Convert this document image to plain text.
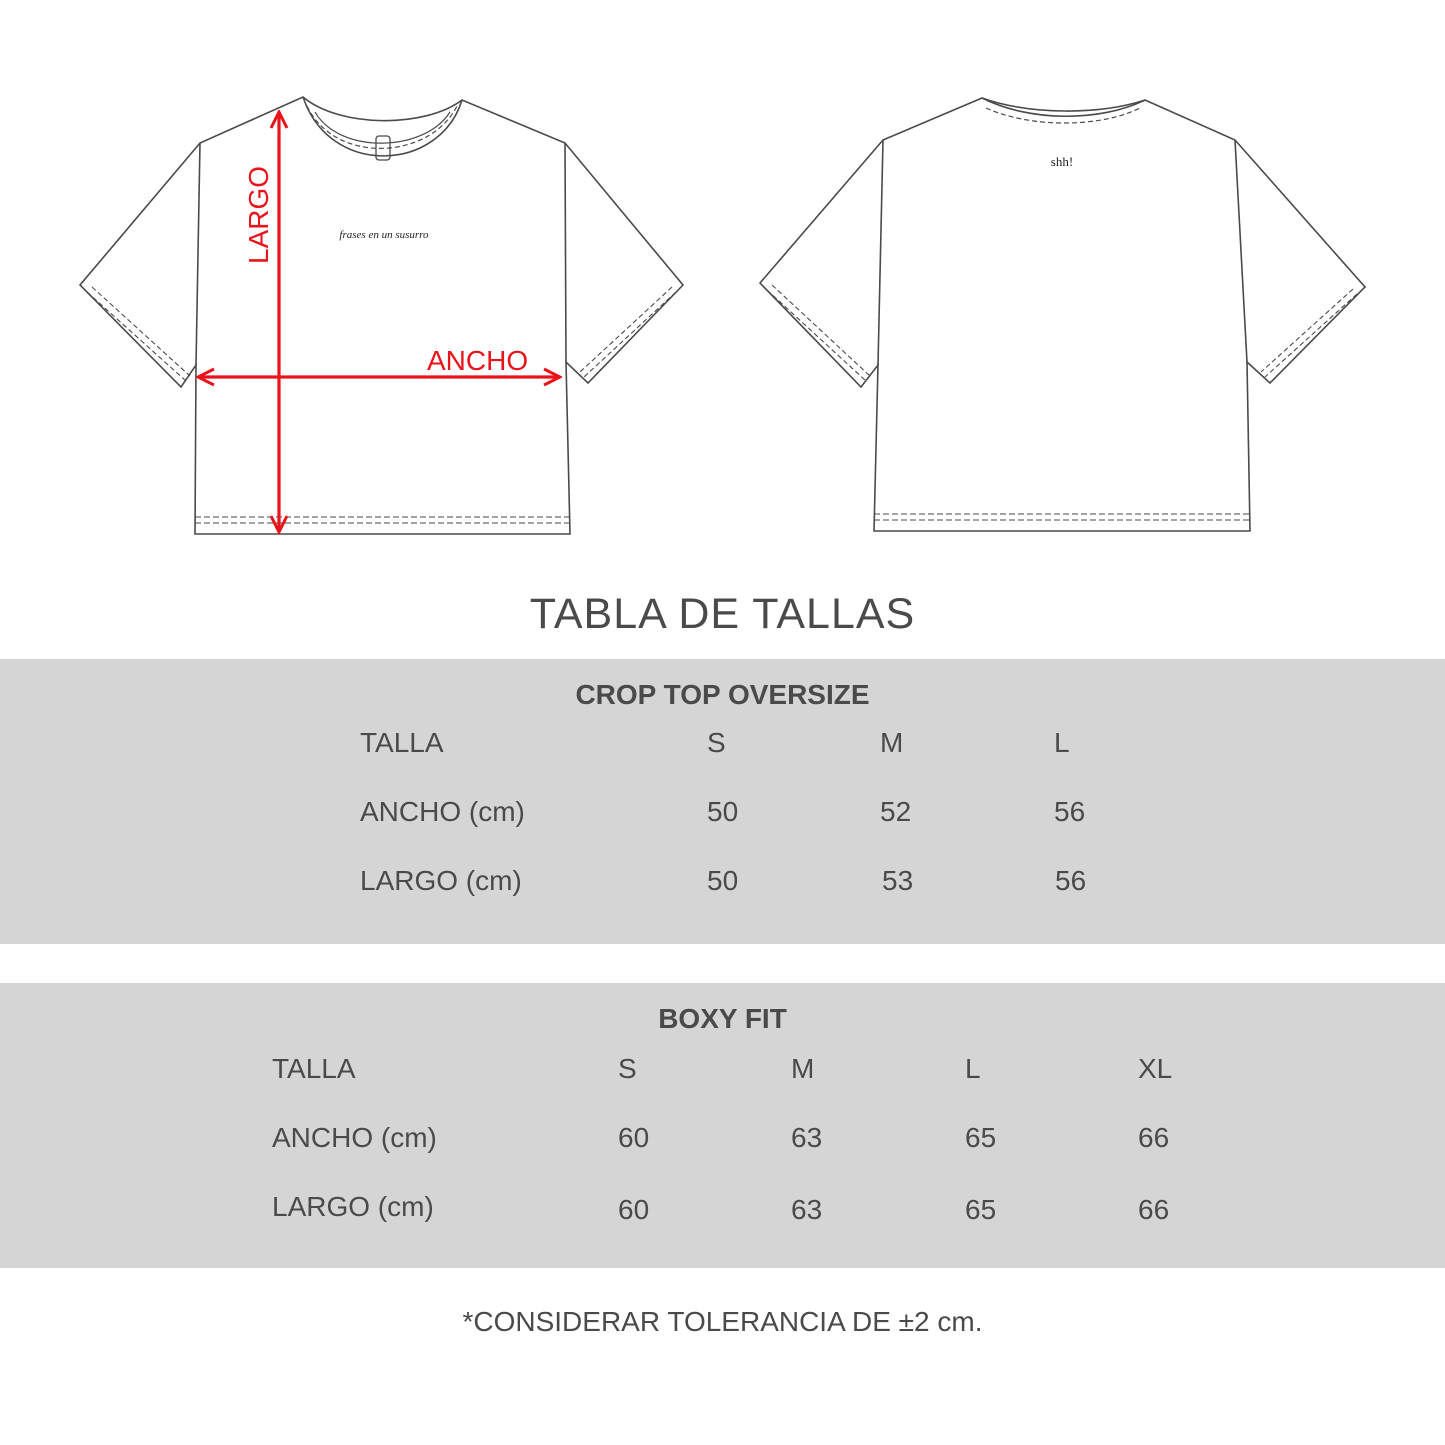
frases en un susurro
LARGO
ANCHO
shh!
TABLA DE TALLAS
CROP TOP OVERSIZE
TALLA	S	M	L
ANCHO (cm)	50	52	56
LARGO (cm)	50	53	56
BOXY FIT
TALLA	S	M	L	XL
ANCHO (cm)	60	63	65	66
LARGO (cm)	60	63	65	66
*CONSIDERAR TOLERANCIA DE ±2 cm.
